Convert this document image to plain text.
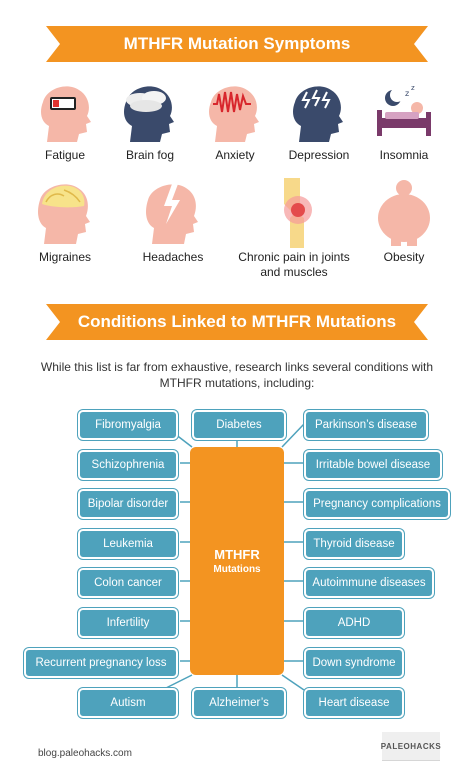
MTHFR Mutation Symptoms
Fatigue	Brain fog	Anxiety	Depression
z
z
Insomnia
Migraines	Headaches	Chronic pain in joints and muscles
Obesity
Conditions Linked to MTHFR Mutations
While this list is far from exhaustive, research links several conditions with MTHFR mutations, including:
MTHFR
Mutations
Fibromyalgia	Diabetes	Parkinson’s disease
Schizophrenia	Irritable bowel disease
Bipolar disorder	Pregnancy complications
Leukemia	Thyroid disease
Colon cancer	Autoimmune diseases
Infertility	ADHD
Recurrent pregnancy loss	Down syndrome
Autism	Alzheimer’s	Heart disease
blog.paleohacks.com
PALEOHACKS
